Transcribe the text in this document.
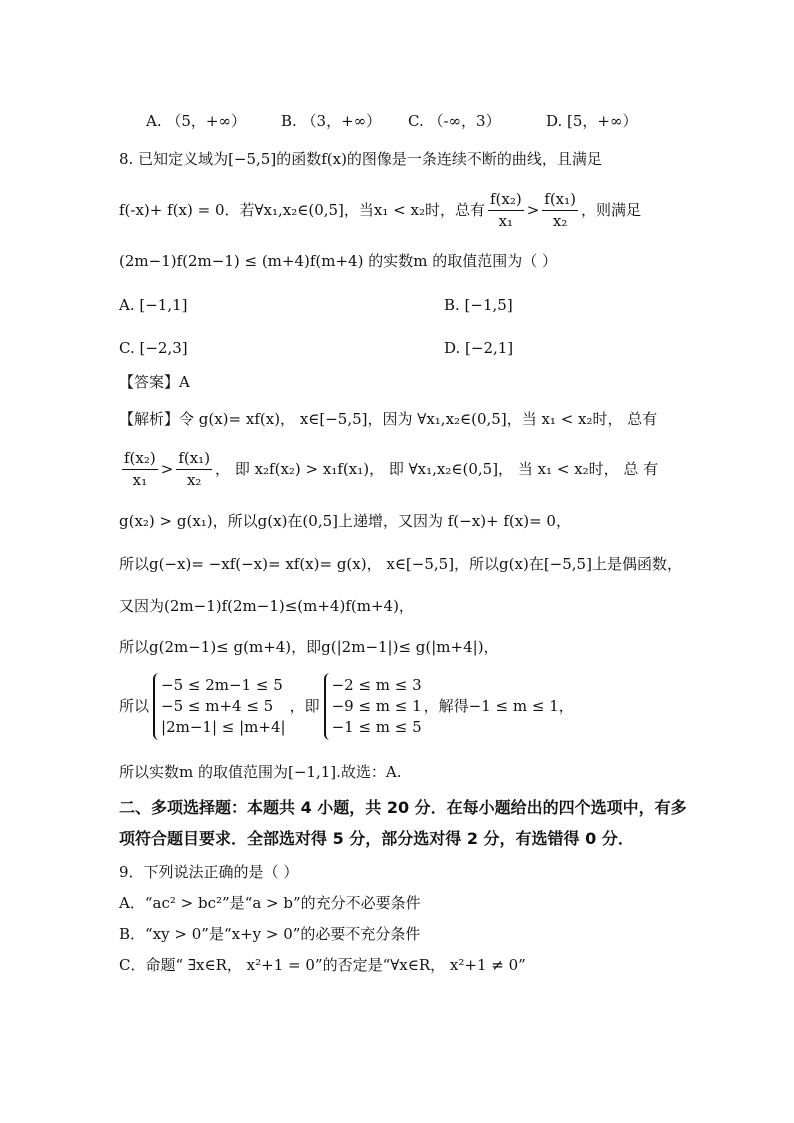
A. （5，+∞） B. （3，+∞） C. （-∞，3）	D. [5，+∞）
8. 已知定义域为[−5,5]的函数f(x)的图像是一条连续不断的曲线，且满足
f(-x)+ f(x) = 0．若∀x₁,x₂∈(0,5]，当x₁ < x₂时，总有 $\frac{\text{f(x₂)}}{\text{x₁}} > \frac{\text{f(x₁)}}{\text{x₂}}$ ，则满足
(2m−1)f(2m−1) ≤ (m+4)f(m+4) 的实数m 的取值范围为（ ）
A. [−1,1]	B. [−1,5]
C. [−2,3]	D. [−2,1]
【答案】A
【解析】令 g(x)= xf(x)， x∈[−5,5]，因为 ∀x₁,x₂∈(0,5]，当 x₁ < x₂时， 总有
$\frac{\text{f(x₂)}}{\text{x₁}} > \frac{\text{f(x₁)}}{\text{x₂}}$ ， 即 x₂f(x₂) > x₁f(x₁)， 即 ∀x₁,x₂∈(0,5]， 当 x₁ < x₂时， 总 有
g(x₂) > g(x₁)，所以g(x)在(0,5]上递增，又因为 f(−x)+ f(x)= 0，
所以g(−x)= −xf(−x)= xf(x)= g(x)， x∈[−5,5]，所以g(x)在[−5,5]上是偶函数，
又因为(2m−1)f(2m−1)≤(m+4)f(m+4)，
所以g(2m−1)≤ g(m+4)，即g(|2m−1|)≤ g(|m+4|)，
所以
−5 ≤ 2m−1 ≤ 5
−5 ≤ m+4 ≤ 5
|2m−1| ≤ |m+4|
，即
−2 ≤ m ≤ 3
−9 ≤ m ≤ 1
−1 ≤ m ≤ 5
，解得−1 ≤ m ≤ 1，
所以实数m 的取值范围为[−1,1].故选：A.
二、多项选择题：本题共 4 小题，共 20 分．在每小题给出的四个选项中，有多
项符合题目要求．全部选对得 5 分，部分选对得 2 分，有选错得 0 分．
9．下列说法正确的是（ ）
A．“ac² > bc²”是“a > b”的充分不必要条件
B．“xy > 0”是“x+y > 0”的必要不充分条件
C．命题“ ∃x∈R， x²+1 = 0”的否定是“∀x∈R， x²+1 ≠ 0”
